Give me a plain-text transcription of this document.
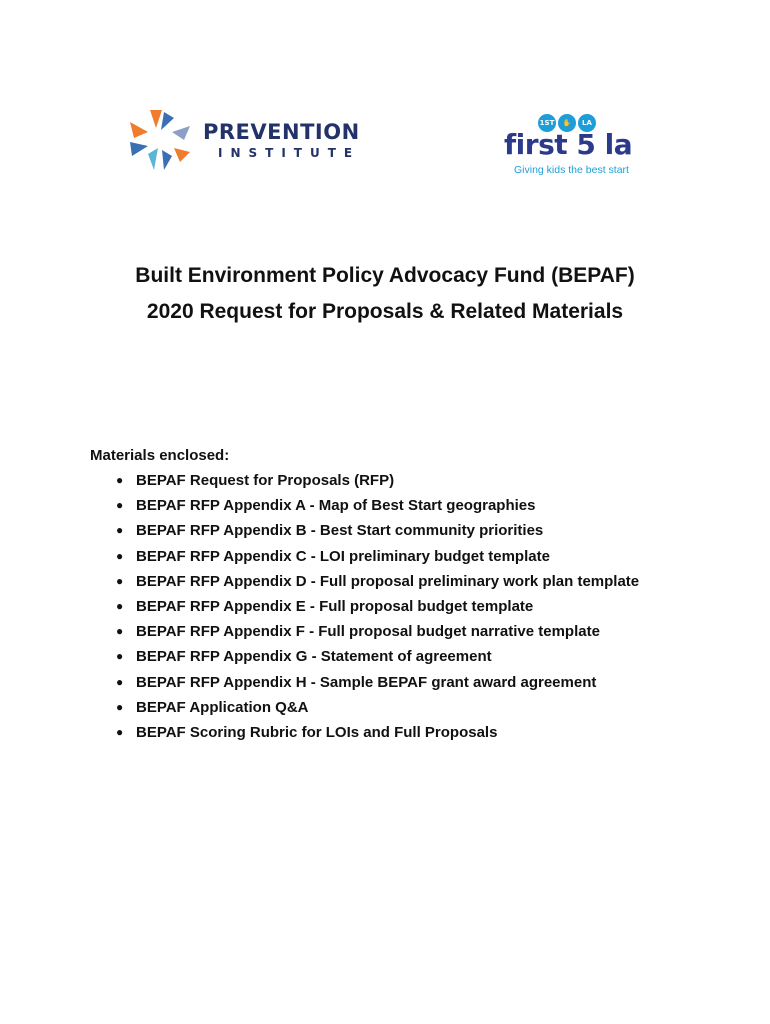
PREVENTION
INSTITUTE
1ST	✋	LA
first 5 la
Giving kids the best start

Built Environment Policy Advocacy Fund (BEPAF)

2020 Request for Proposals & Related Materials

Materials enclosed:

● BEPAF Request for Proposals (RFP)
● BEPAF RFP Appendix A - Map of Best Start geographies
● BEPAF RFP Appendix B - Best Start community priorities
● BEPAF RFP Appendix C - LOI preliminary budget template
● BEPAF RFP Appendix D - Full proposal preliminary work plan template
● BEPAF RFP Appendix E - Full proposal budget template
● BEPAF RFP Appendix F - Full proposal budget narrative template
● BEPAF RFP Appendix G - Statement of agreement
● BEPAF RFP Appendix H - Sample BEPAF grant award agreement
● BEPAF Application Q&A
● BEPAF Scoring Rubric for LOIs and Full Proposals
